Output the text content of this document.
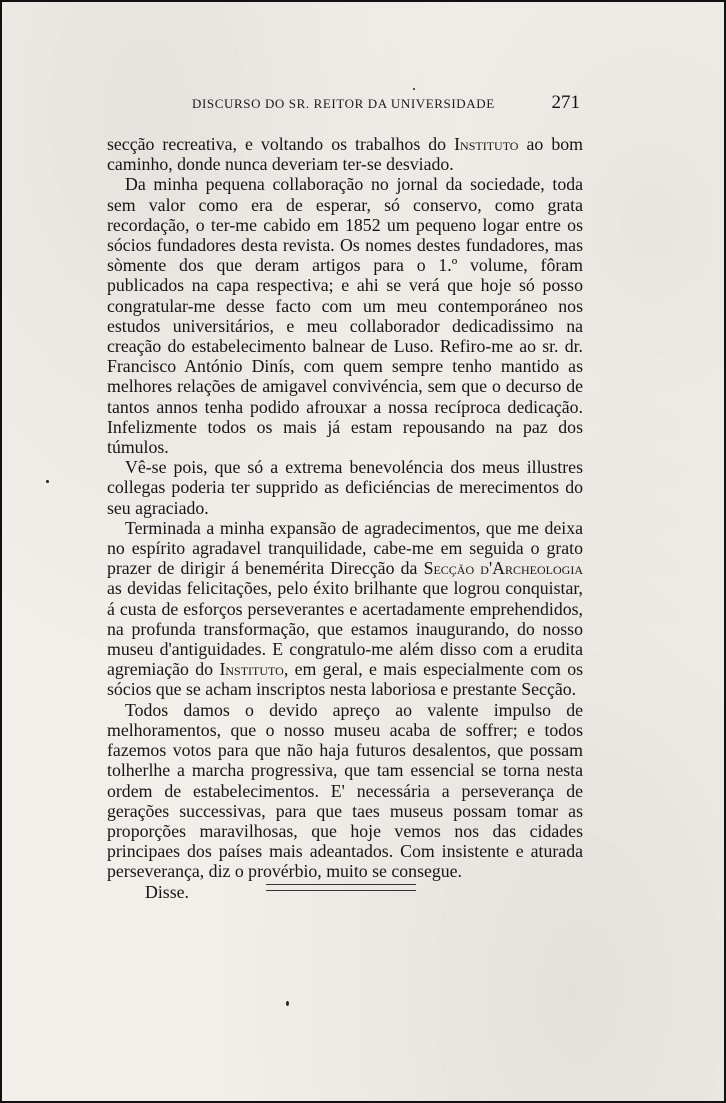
DISCURSO DO SR. REITOR DA UNIVERSIDADE	271

secção recreativa, e voltando os trabalhos do Instituto ao bom caminho, donde nunca deveriam ter-se desviado.

Da minha pequena collaboração no jornal da sociedade, toda sem valor como era de esperar, só conservo, como grata recordação, o ter-me cabido em 1852 um pequeno logar entre os sócios fundadores desta revista. Os nomes destes fundadores, mas sòmente dos que deram artigos para o 1.º volume, fôram publicados na capa respectiva; e ahi se verá que hoje só posso congratular-me desse facto com um meu contemporáneo nos estudos universitários, e meu collaborador dedicadissimo na creação do estabelecimento balnear de Luso. Refiro-me ao sr. dr. Francisco António Dinís, com quem sempre tenho mantido as melhores relações de amigavel convivéncia, sem que o decurso de tantos annos tenha podido afrouxar a nossa recíproca dedicação. Infelizmente todos os mais já estam repousando na paz dos túmulos.

Vê-se pois, que só a extrema benevoléncia dos meus illustres collegas poderia ter supprido as deficiéncias de merecimentos do seu agraciado.

Terminada a minha expansão de agradecimentos, que me deixa no espírito agradavel tranquilidade, cabe-me em seguida o grato prazer de dirigir á benemérita Direcção da Secção d'Archeologia as devidas felicitações, pelo éxito brilhante que logrou conquistar, á custa de esforços perseverantes e acertadamente emprehendidos, na profunda transformação, que estamos inaugurando, do nosso museu d'antiguidades. E congratulo-me além disso com a erudita agremiação do Instituto, em geral, e mais especialmente com os sócios que se acham inscriptos nesta laboriosa e prestante Secção.

Todos damos o devido apreço ao valente impulso de melhoramentos, que o nosso museu acaba de soffrer; e todos fazemos votos para que não haja futuros desalentos, que possam tolherlhe a marcha progressiva, que tam essencial se torna nesta ordem de estabelecimentos. E' necessária a perseverança de gerações successivas, para que taes museus possam tomar as proporções maravilhosas, que hoje vemos nos das cidades principaes dos países mais adeantados. Com insistente e aturada perseverança, diz o provérbio, muito se consegue.

Disse.
